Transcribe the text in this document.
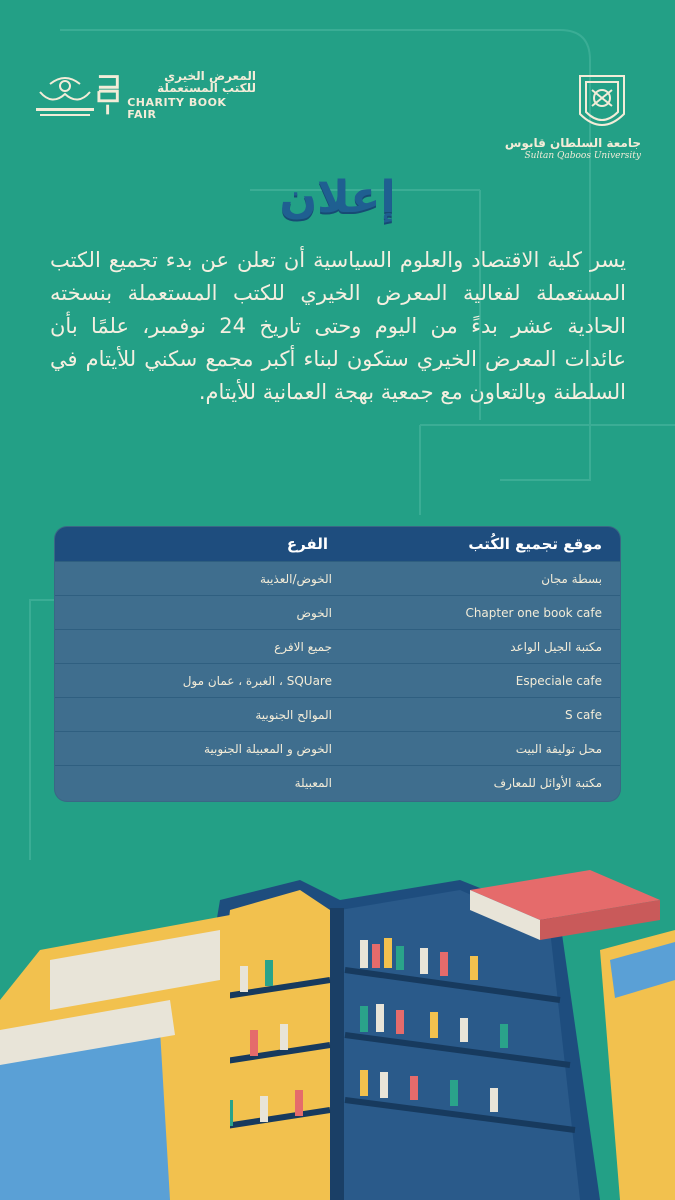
المعرض الخيري
للكتب المستعملة
CHARITY BOOK FAIR
جامعة السلطان قابوس
Sultan Qaboos University
إعلان

يسر كلية الاقتصاد والعلوم السياسية أن تعلن عن بدء تجميع الكتب المستعملة لفعالية المعرض الخيري للكتب المستعملة بنسخته الحادية عشر بدءً من اليوم وحتى تاريخ 24 نوفمبر، علمًا بأن عائدات المعرض الخيري ستكون لبناء أكبر مجمع سكني للأيتام في السلطنة وبالتعاون مع جمعية بهجة العمانية للأيتام.

موقع تجميع الكُتب
الفرع
بسطة مجان
الخوض/العذيبة
Chapter one book cafe
الخوض
مكتبة الجيل الواعد
جميع الافرع
Especiale cafe
SQUare ، الغبرة ، عمان مول
S cafe
الموالح الجنوبية
محل توليفة البيت
الخوض و المعبيلة الجنوبية
مكتبة الأوائل للمعارف
المعبيلة
